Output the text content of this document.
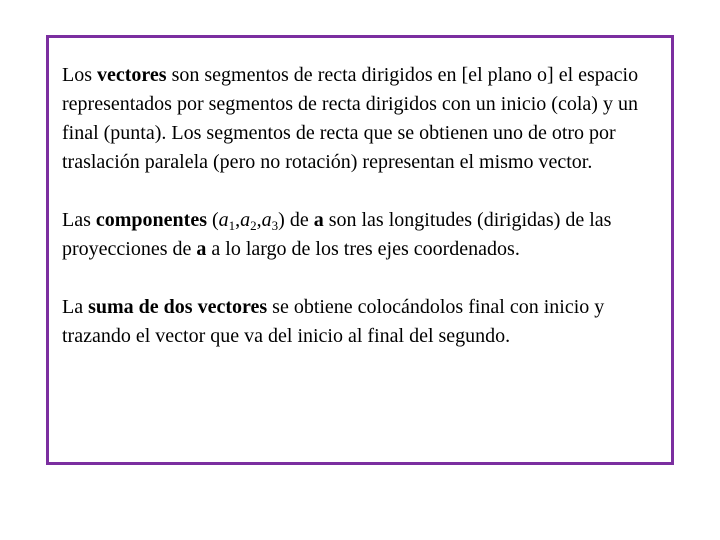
Los vectores son segmentos de recta dirigidos en [el plano o] el espacio representados por segmentos de recta dirigidos con un inicio (cola) y un final (punta). Los segmentos de recta que se obtienen uno de otro por traslación paralela (pero no rotación) representan el mismo vector.

Las componentes $(a_1,a_2,a_3)$ de a son las longitudes (dirigidas) de las proyecciones de a a lo largo de los tres ejes coordenados.

La suma de dos vectores se obtiene colocándolos final con inicio y trazando el vector que va del inicio al final del segundo.
